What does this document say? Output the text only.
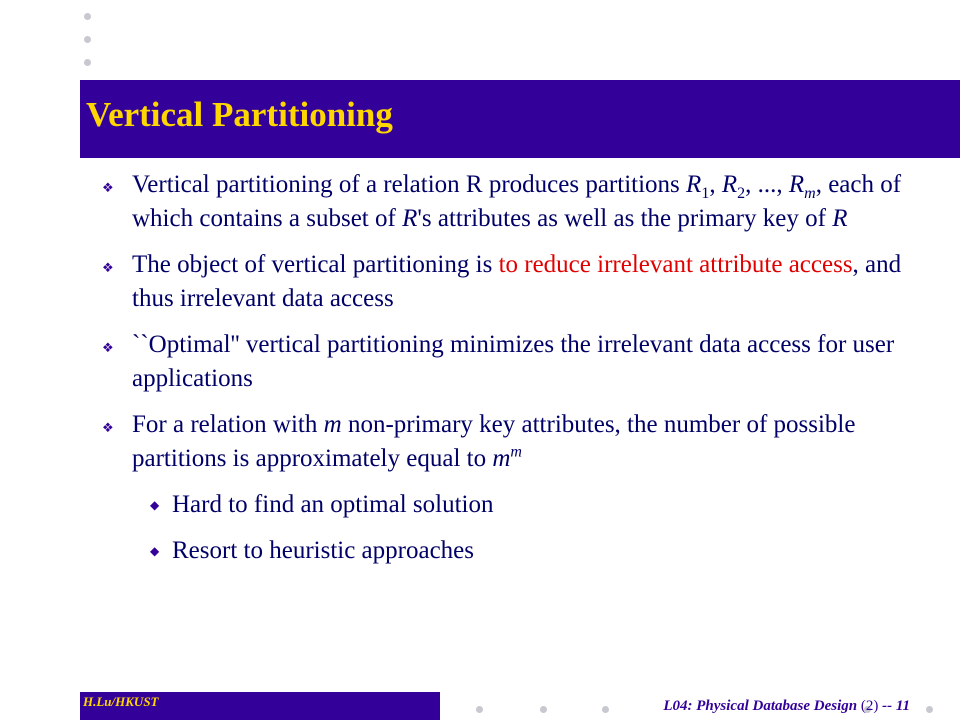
Vertical Partitioning
❖ Vertical partitioning of a relation R produces partitions $R_1$, $R_2$, ..., $R_m$, each of which contains a subset of R's attributes as well as the primary key of R
❖ The object of vertical partitioning is to reduce irrelevant attribute access, and thus irrelevant data access
❖ ``Optimal'' vertical partitioning minimizes the irrelevant data access for user applications
❖ For a relation with m non-primary key attributes, the number of possible partitions is approximately equal to $m^m$
◆ Hard to find an optimal solution
◆ Resort to heuristic approaches
H.Lu/HKUST	L04: Physical Database Design (2) -- 11
